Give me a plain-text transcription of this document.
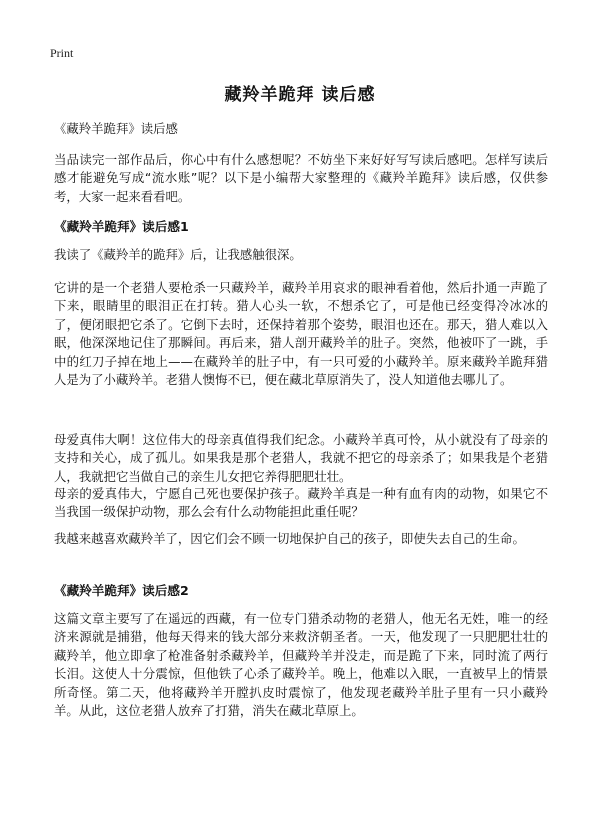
Print
藏羚羊跪拜 读后感

《藏羚羊跪拜》读后感

当品读完一部作品后，你心中有什么感想呢？不妨坐下来好好写写读后感吧。怎样写读后感才能避免写成“流水账”呢？以下是小编帮大家整理的《藏羚羊跪拜》读后感，仅供参考，大家一起来看看吧。

《藏羚羊跪拜》读后感1

我读了《藏羚羊的跪拜》后，让我感触很深。

它讲的是一个老猎人要枪杀一只藏羚羊，藏羚羊用哀求的眼神看着他，然后扑通一声跪了下来，眼睛里的眼泪正在打转。猎人心头一软，不想杀它了，可是他已经变得冷冰冰的了，便闭眼把它杀了。它倒下去时，还保持着那个姿势，眼泪也还在。那天，猎人难以入眠，他深深地记住了那瞬间。再后来，猎人剖开藏羚羊的肚子。突然，他被吓了一跳，手中的红刀子掉在地上——在藏羚羊的肚子中，有一只可爱的小藏羚羊。原来藏羚羊跪拜猎人是为了小藏羚羊。老猎人懊悔不已，便在藏北草原消失了，没人知道他去哪儿了。

母爱真伟大啊！这位伟大的母亲真值得我们纪念。小藏羚羊真可怜，从小就没有了母亲的支持和关心，成了孤儿。如果我是那个老猎人，我就不把它的母亲杀了；如果我是个老猎人，我就把它当做自己的亲生儿女把它养得肥肥壮壮。

母亲的爱真伟大，宁愿自己死也要保护孩子。藏羚羊真是一种有血有肉的动物，如果它不当我国一级保护动物，那么会有什么动物能担此重任呢？

我越来越喜欢藏羚羊了，因它们会不顾一切地保护自己的孩子，即使失去自己的生命。

《藏羚羊跪拜》读后感2

这篇文章主要写了在遥远的西藏，有一位专门猎杀动物的老猎人，他无名无姓，唯一的经济来源就是捕猎，他每天得来的钱大部分来救济朝圣者。一天，他发现了一只肥肥壮壮的藏羚羊，他立即拿了枪准备射杀藏羚羊，但藏羚羊并没走，而是跪了下来，同时流了两行长泪。这使人十分震惊，但他铁了心杀了藏羚羊。晚上，他难以入眠，一直被早上的情景所奇怪。第二天，他将藏羚羊开膛扒皮时震惊了，他发现老藏羚羊肚子里有一只小藏羚羊。从此，这位老猎人放弃了打猎，消失在藏北草原上。
